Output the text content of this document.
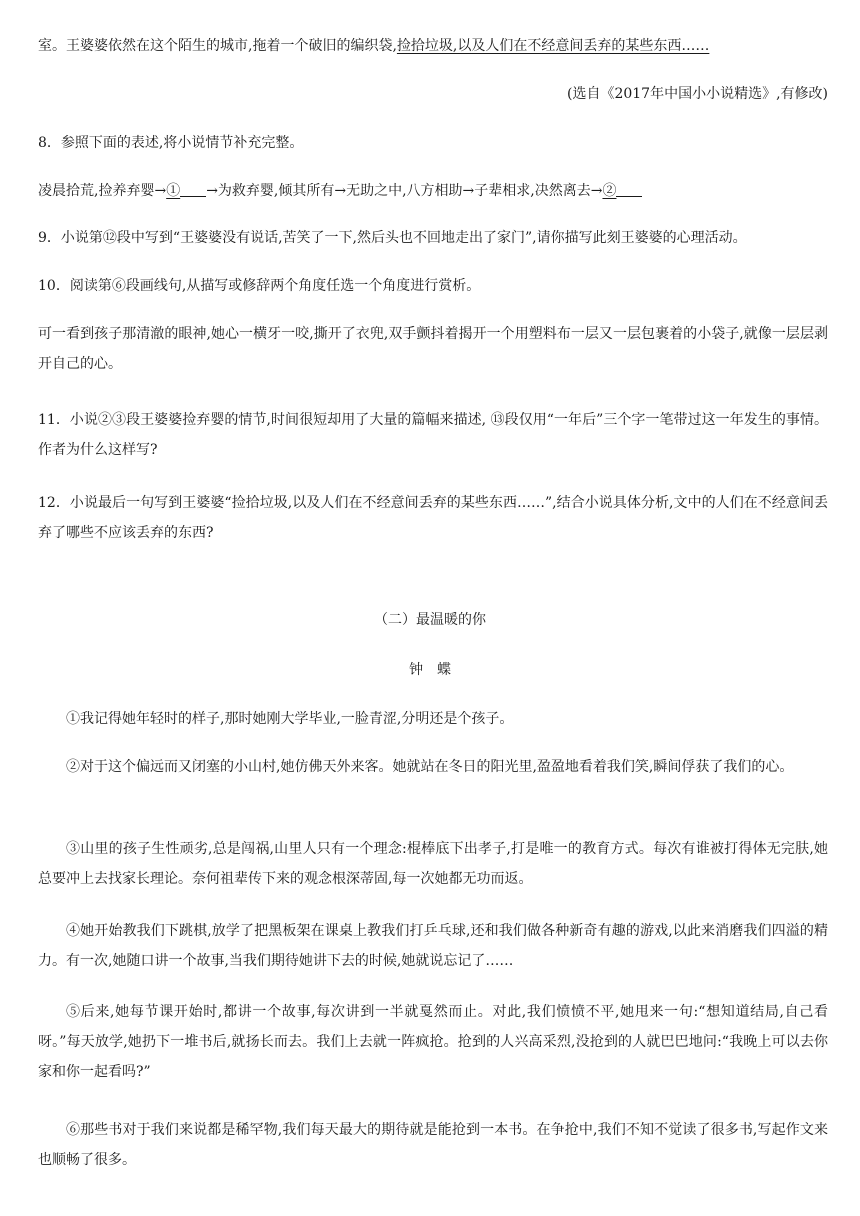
室。王婆婆依然在这个陌生的城市,拖着一个破旧的编织袋,捡拾垃圾,以及人们在不经意间丢弃的某些东西……

(选自《2017年中国小小说精选》,有修改)

8．参照下面的表述,将小说情节补充完整。

凌晨拾荒,捡养弃婴→① →为救弃婴,倾其所有→无助之中,八方相助→子辈相求,决然离去→②

9．小说第⑫段中写到“王婆婆没有说话,苦笑了一下,然后头也不回地走出了家门”,请你描写此刻王婆婆的心理活动。

10．阅读第⑥段画线句,从描写或修辞两个角度任选一个角度进行赏析。

可一看到孩子那清澈的眼神,她心一横牙一咬,撕开了衣兜,双手颤抖着揭开一个用塑料布一层又一层包裹着的小袋子,就像一层层剥开自己的心。

11．小说②③段王婆婆捡弃婴的情节,时间很短却用了大量的篇幅来描述, ⑬段仅用“一年后”三个字一笔带过这一年发生的事情。作者为什么这样写?

12．小说最后一句写到王婆婆“捡拾垃圾,以及人们在不经意间丢弃的某些东西……”,结合小说具体分析,文中的人们在不经意间丢弃了哪些不应该丢弃的东西?

（二）最温暖的你

钟　蝶

①我记得她年轻时的样子,那时她刚大学毕业,一脸青涩,分明还是个孩子。

②对于这个偏远而又闭塞的小山村,她仿佛天外来客。她就站在冬日的阳光里,盈盈地看着我们笑,瞬间俘获了我们的心。

③山里的孩子生性顽劣,总是闯祸,山里人只有一个理念:棍棒底下出孝子,打是唯一的教育方式。每次有谁被打得体无完肤,她总要冲上去找家长理论。奈何祖辈传下来的观念根深蒂固,每一次她都无功而返。

④她开始教我们下跳棋,放学了把黑板架在课桌上教我们打乒乓球,还和我们做各种新奇有趣的游戏,以此来消磨我们四溢的精力。有一次,她随口讲一个故事,当我们期待她讲下去的时候,她就说忘记了……

⑤后来,她每节课开始时,都讲一个故事,每次讲到一半就戛然而止。对此,我们愤愤不平,她甩来一句:“想知道结局,自己看呀。”每天放学,她扔下一堆书后,就扬长而去。我们上去就一阵疯抢。抢到的人兴高采烈,没抢到的人就巴巴地问:“我晚上可以去你家和你一起看吗?”

⑥那些书对于我们来说都是稀罕物,我们每天最大的期待就是能抢到一本书。在争抢中,我们不知不觉读了很多书,写起作文来也顺畅了很多。
